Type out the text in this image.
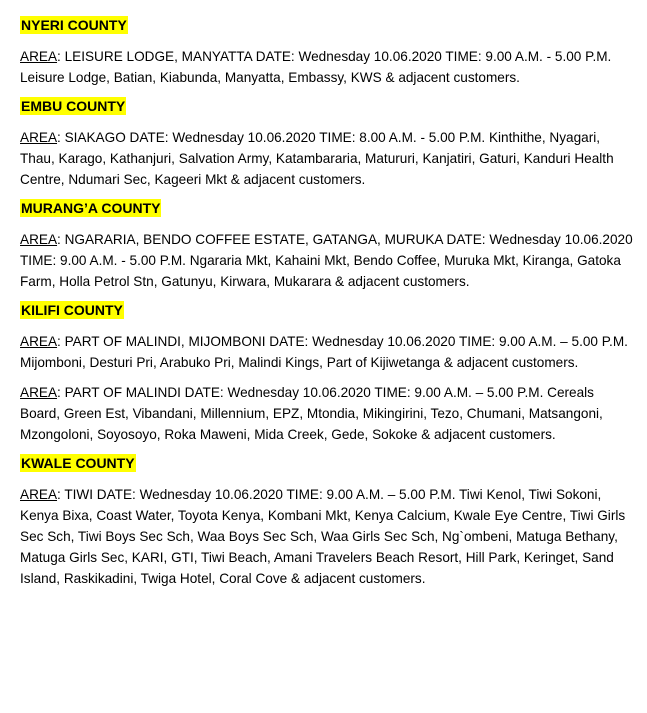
NYERI COUNTY

AREA: LEISURE LODGE, MANYATTA DATE: Wednesday 10.06.2020 TIME: 9.00 A.M. - 5.00 P.M. Leisure Lodge, Batian, Kiabunda, Manyatta, Embassy, KWS & adjacent customers.

EMBU COUNTY

AREA: SIAKAGO DATE: Wednesday 10.06.2020 TIME: 8.00 A.M. - 5.00 P.M. Kinthithe, Nyagari, Thau, Karago, Kathanjuri, Salvation Army, Katambararia, Matururi, Kanjatiri, Gaturi, Kanduri Health Centre, Ndumari Sec, Kageeri Mkt & adjacent customers.

MURANG’A COUNTY

AREA: NGARARIA, BENDO COFFEE ESTATE, GATANGA, MURUKA DATE: Wednesday 10.06.2020 TIME: 9.00 A.M. - 5.00 P.M. Ngararia Mkt, Kahaini Mkt, Bendo Coffee, Muruka Mkt, Kiranga, Gatoka Farm, Holla Petrol Stn, Gatunyu, Kirwara, Mukarara & adjacent customers.

KILIFI COUNTY

AREA: PART OF MALINDI, MIJOMBONI DATE: Wednesday 10.06.2020 TIME: 9.00 A.M. – 5.00 P.M. Mijomboni, Desturi Pri, Arabuko Pri, Malindi Kings, Part of Kijiwetanga & adjacent customers.

AREA: PART OF MALINDI DATE: Wednesday 10.06.2020 TIME: 9.00 A.M. – 5.00 P.M. Cereals Board, Green Est, Vibandani, Millennium, EPZ, Mtondia, Mikingirini, Tezo, Chumani, Matsangoni, Mzongoloni, Soyosoyo, Roka Maweni, Mida Creek, Gede, Sokoke & adjacent customers.

KWALE COUNTY

AREA: TIWI DATE: Wednesday 10.06.2020 TIME: 9.00 A.M. – 5.00 P.M. Tiwi Kenol, Tiwi Sokoni, Kenya Bixa, Coast Water, Toyota Kenya, Kombani Mkt, Kenya Calcium, Kwale Eye Centre, Tiwi Girls Sec Sch, Tiwi Boys Sec Sch, Waa Boys Sec Sch, Waa Girls Sec Sch, Ng`ombeni, Matuga Bethany, Matuga Girls Sec, KARI, GTI, Tiwi Beach, Amani Travelers Beach Resort, Hill Park, Keringet, Sand Island, Raskikadini, Twiga Hotel, Coral Cove & adjacent customers.
